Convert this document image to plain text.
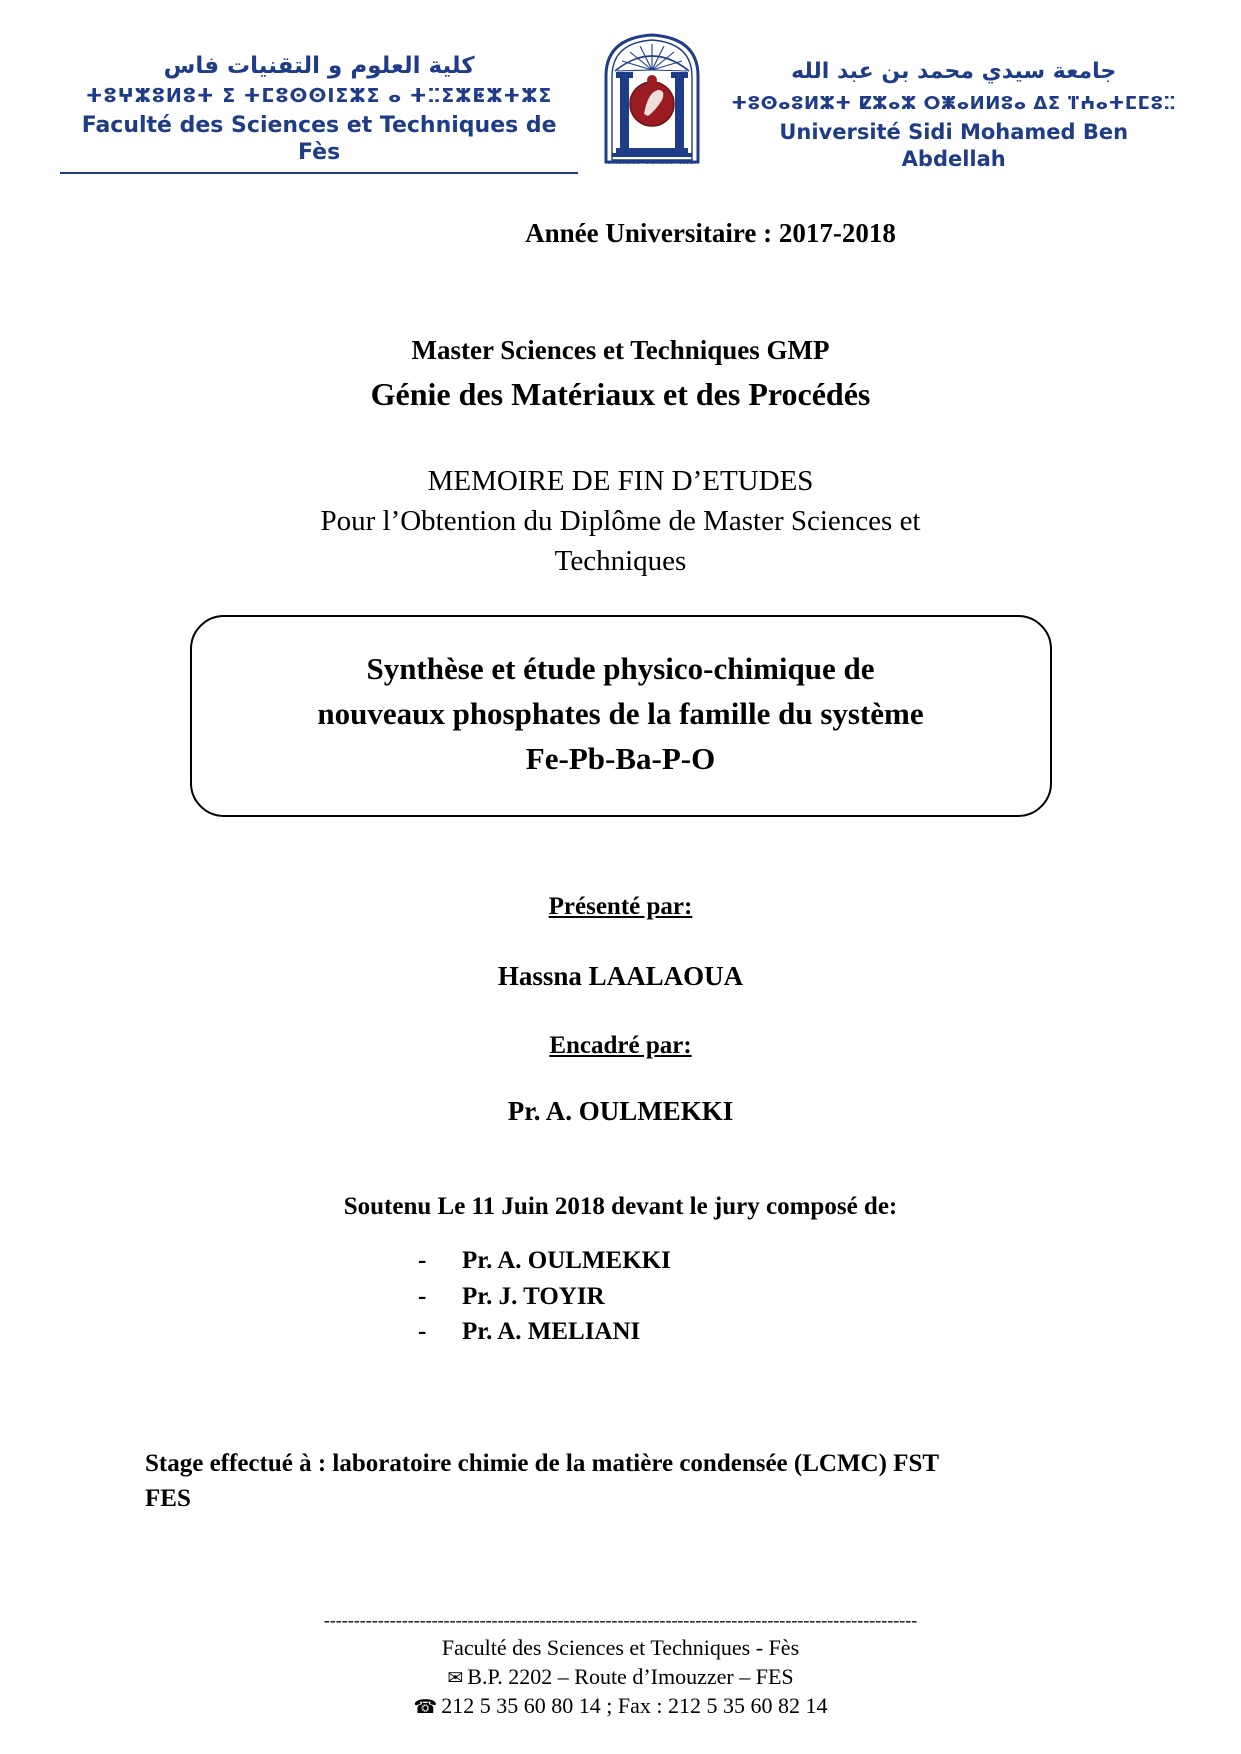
كلية العلوم و التقنيات فاس
ⵜⵓⵖⵣⵓⵍⵓⵜ ⵉ ⵜⵎⵓⵙⵙⵏⵉⵣⵉ ⴰ ⵜⵆⵉⵣⵟⵣⵜⵣⵉ
Faculté des Sciences et Techniques de Fès	Université Sidi Mohamed Ben Abdellah
جامعة سيدي محمد بن عبد الله
ⵜⵓⵙⴰⵓⵍⵣⵜ ⵇⵣⴰⵣ ⵔⵥⴰⵍⵍⵓⴰ ⵠⵉ ⴶⵄⴰⵜⵎⵎⵓⵆ
Université Sidi Mohamed Ben Abdellah
Année Universitaire : 2017-2018
Master Sciences et Techniques GMP
Génie des Matériaux et des Procédés
MEMOIRE DE FIN D’ETUDES
Pour l’Obtention du Diplôme de Master Sciences et
Techniques
Synthèse et étude physico-chimique de
nouveaux phosphates de la famille du système
Fe-Pb-Ba-P-O
Présenté par:
Hassna LAALAOUA
Encadré par:
Pr. A. OULMEKKI
Soutenu Le 11 Juin 2018 devant le jury composé de:
- Pr. A. OULMEKKI
- Pr. J. TOYIR
- Pr. A. MELIANI
Stage effectué à : laboratoire chimie de la matière condensée (LCMC) FST
FES
---------------------------------------------------------------------------------------------------
Faculté des Sciences et Techniques - Fès
✉ B.P. 2202 – Route d’Imouzzer – FES
☎ 212 5 35 60 80 14 ; Fax : 212 5 35 60 82 14
